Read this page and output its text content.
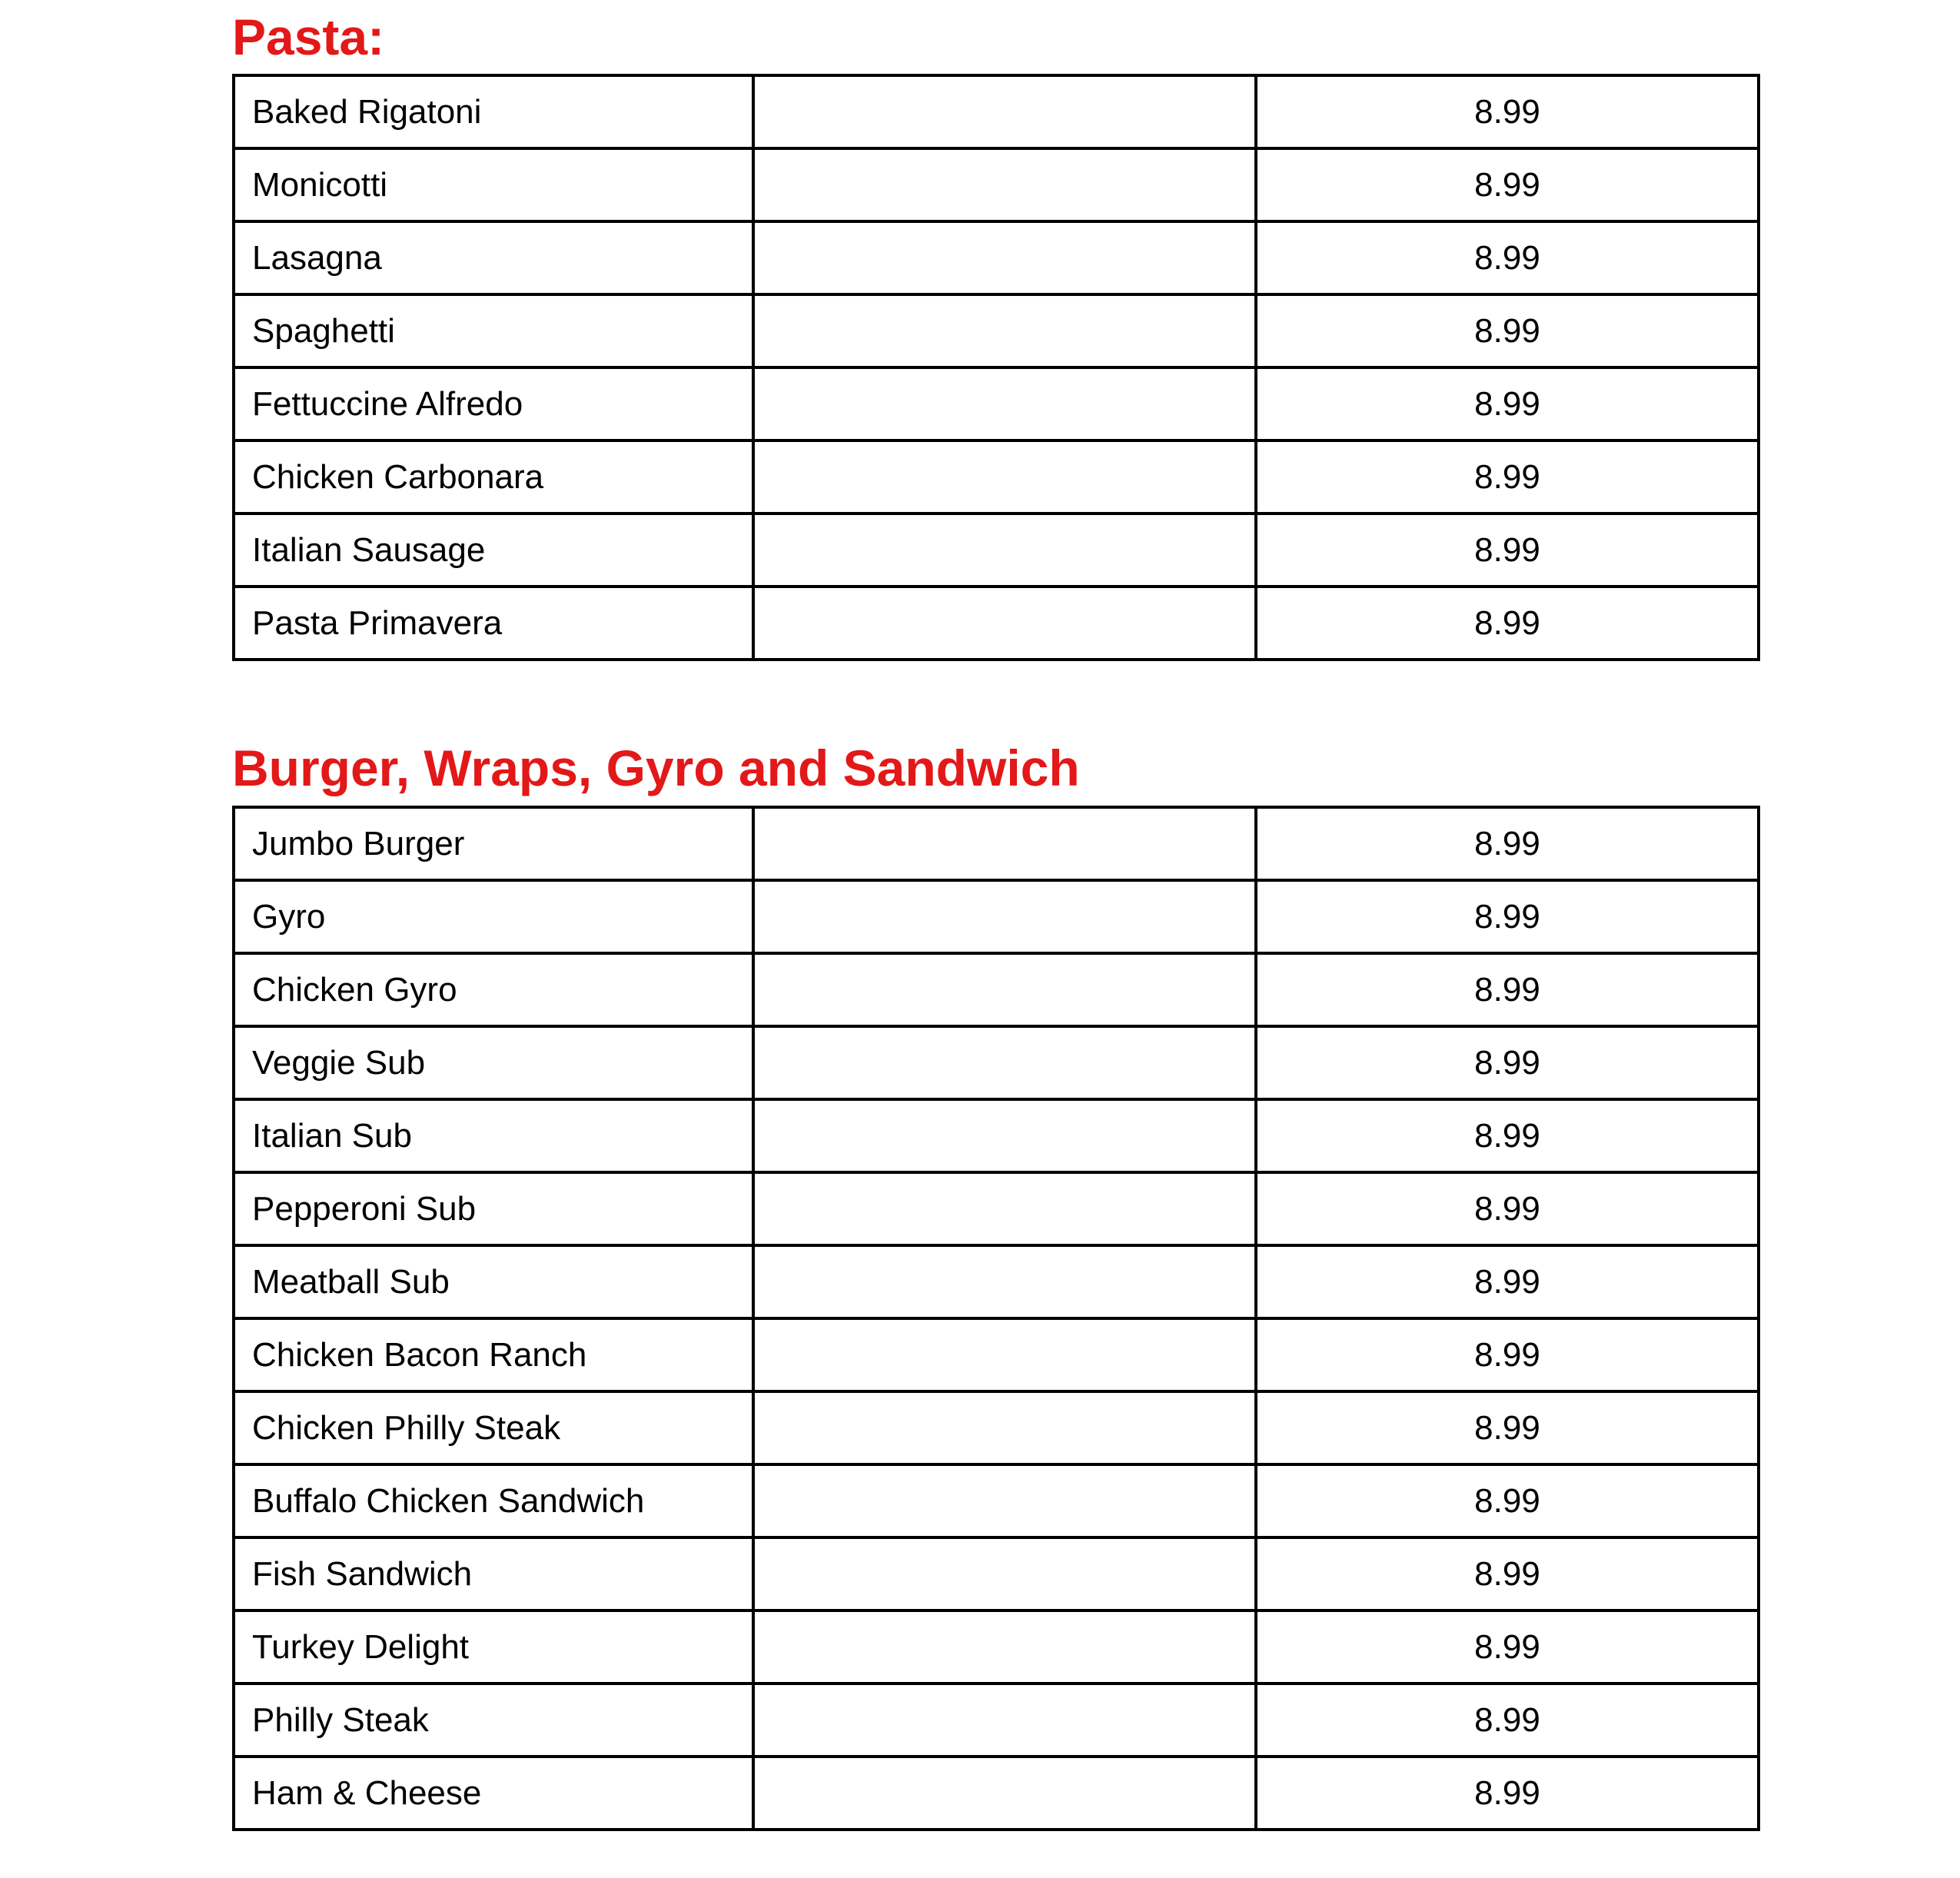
Pasta:
Baked Rigatoni		8.99
Monicotti		8.99
Lasagna		8.99
Spaghetti		8.99
Fettuccine Alfredo		8.99
Chicken Carbonara		8.99
Italian Sausage		8.99
Pasta Primavera		8.99
Burger, Wraps, Gyro and Sandwich
Jumbo Burger		8.99
Gyro		8.99
Chicken Gyro		8.99
Veggie Sub		8.99
Italian Sub		8.99
Pepperoni Sub		8.99
Meatball Sub		8.99
Chicken Bacon Ranch		8.99
Chicken Philly Steak		8.99
Buffalo Chicken Sandwich		8.99
Fish Sandwich		8.99
Turkey Delight		8.99
Philly Steak		8.99
Ham & Cheese		8.99
